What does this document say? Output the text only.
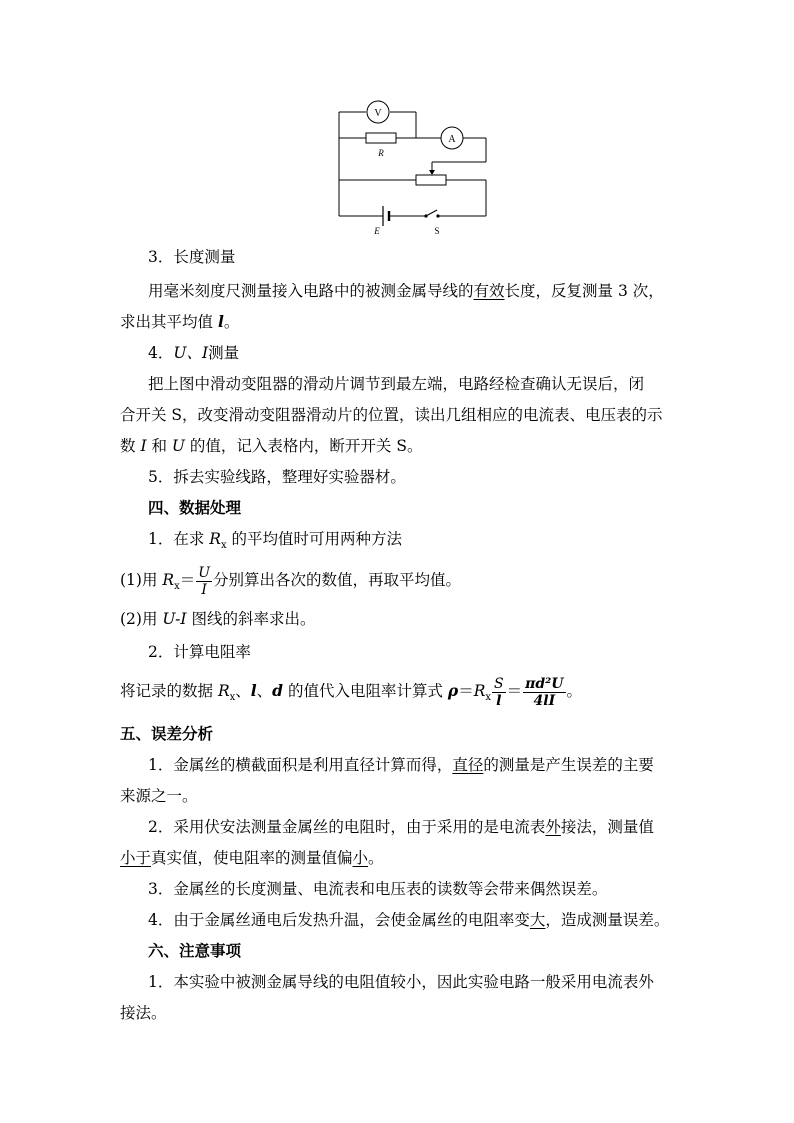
V
A
R
E	S
3．长度测量
用毫米刻度尺测量接入电路中的被测金属导线的有效长度，反复测量 3 次，
求出其平均值 l。
4．U、I测量
把上图中滑动变阻器的滑动片调节到最左端，电路经检查确认无误后，闭
合开关 S，改变滑动变阻器滑动片的位置，读出几组相应的电流表、电压表的示
数 I 和 U 的值，记入表格内，断开开关 S。
5．拆去实验线路，整理好实验器材。
四、数据处理
1．在求 $R_x$ 的平均值时可用两种方法
(1)用 $R_x= \frac{U}{I}$ 分别算出各次的数值，再取平均值。
(2)用 U-I 图线的斜率求出。
2．计算电阻率
将记录的数据 $R_x$、l、d 的值代入电阻率计算式 $\rho=R_x \frac{S}{l} = \frac{\text{πd²U}}{4lI}$ 。
五、误差分析
1．金属丝的横截面积是利用直径计算而得，直径的测量是产生误差的主要
来源之一。
2．采用伏安法测量金属丝的电阻时，由于采用的是电流表外接法，测量值
小于真实值，使电阻率的测量值偏小。
3．金属丝的长度测量、电流表和电压表的读数等会带来偶然误差。
4．由于金属丝通电后发热升温，会使金属丝的电阻率变大，造成测量误差。
六、注意事项
1．本实验中被测金属导线的电阻值较小，因此实验电路一般采用电流表外
接法。
